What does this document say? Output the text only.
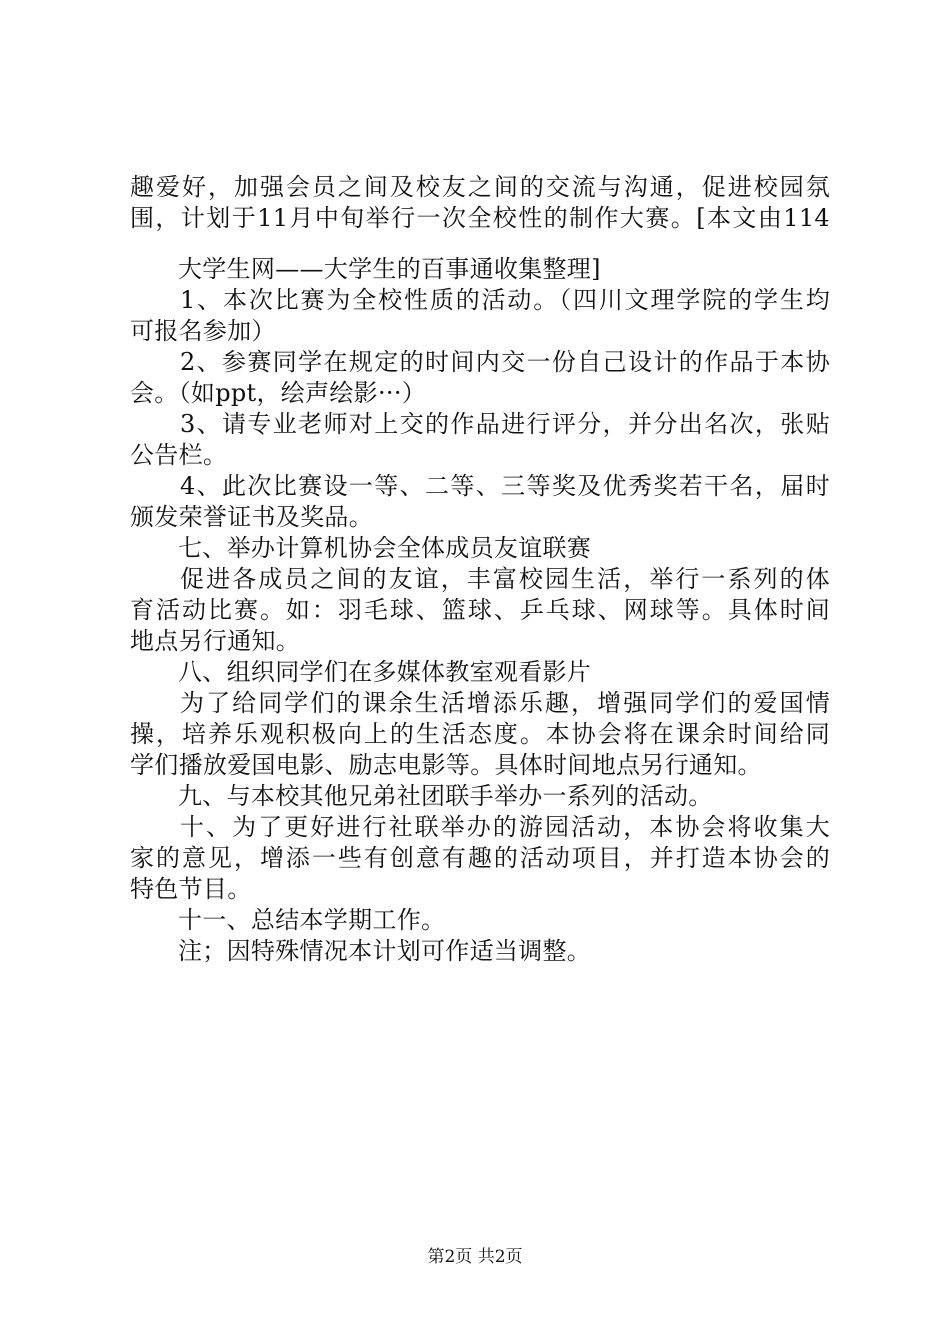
趣爱好，加强会员之间及校友之间的交流与沟通，促进校园氛
围，计划于11月中旬举行一次全校性的制作大赛。[本文由114
大学生网——大学生的百事通收集整理]
1、本次比赛为全校性质的活动。（四川文理学院的学生均
可报名参加）
2、参赛同学在规定的时间内交一份自己设计的作品于本协
会。（如ppt，绘声绘影···）
3、请专业老师对上交的作品进行评分，并分出名次，张贴
公告栏。
4、此次比赛设一等、二等、三等奖及优秀奖若干名，届时
颁发荣誉证书及奖品。
七、举办计算机协会全体成员友谊联赛
促进各成员之间的友谊，丰富校园生活，举行一系列的体
育活动比赛。如：羽毛球、篮球、乒乓球、网球等。具体时间
地点另行通知。
八、组织同学们在多媒体教室观看影片
为了给同学们的课余生活增添乐趣，增强同学们的爱国情
操，培养乐观积极向上的生活态度。本协会将在课余时间给同
学们播放爱国电影、励志电影等。具体时间地点另行通知。
九、与本校其他兄弟社团联手举办一系列的活动。
十、为了更好进行社联举办的游园活动，本协会将收集大
家的意见，增添一些有创意有趣的活动项目，并打造本协会的
特色节目。
十一、总结本学期工作。
注；因特殊情况本计划可作适当调整。
第2页 共2页
